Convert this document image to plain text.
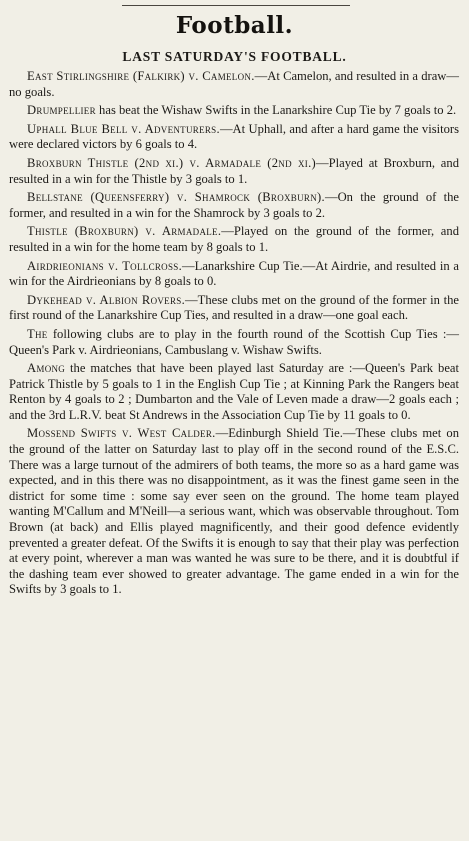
Football.
LAST SATURDAY'S FOOTBALL.

East Stirlingshire (Falkirk) v. Camelon.—At Camelon, and resulted in a draw—no goals.

Drumpellier has beat the Wishaw Swifts in the Lanarkshire Cup Tie by 7 goals to 2.

Uphall Blue Bell v. Adventurers.—At Uphall, and after a hard game the visitors were declared victors by 6 goals to 4.

Broxburn Thistle (2nd xi.) v. Armadale (2nd xi.)—Played at Broxburn, and resulted in a win for the Thistle by 3 goals to 1.

Bellstane (Queensferry) v. Shamrock (Broxburn).—On the ground of the former, and resulted in a win for the Shamrock by 3 goals to 2.

Thistle (Broxburn) v. Armadale.—Played on the ground of the former, and resulted in a win for the home team by 8 goals to 1.

Airdrieonians v. Tollcross.—Lanarkshire Cup Tie.—At Airdrie, and resulted in a win for the Airdrieonians by 8 goals to 0.

Dykehead v. Albion Rovers.—These clubs met on the ground of the former in the first round of the Lanarkshire Cup Ties, and resulted in a draw—one goal each.

The following clubs are to play in the fourth round of the Scottish Cup Ties :—Queen's Park v. Airdrieonians, Cambuslang v. Wishaw Swifts.

Among the matches that have been played last Saturday are :—Queen's Park beat Patrick Thistle by 5 goals to 1 in the English Cup Tie ; at Kinning Park the Rangers beat Renton by 4 goals to 2 ; Dumbarton and the Vale of Leven made a draw—2 goals each ; and the 3rd L.R.V. beat St Andrews in the Association Cup Tie by 11 goals to 0.

Mossend Swifts v. West Calder.—Edinburgh Shield Tie.—These clubs met on the ground of the latter on Saturday last to play off in the second round of the E.S.C. There was a large turnout of the admirers of both teams, the more so as a hard game was expected, and in this there was no disappointment, as it was the finest game seen in the district for some time : some say ever seen on the ground. The home team played wanting M'Callum and M'Neill—a serious want, which was observable throughout. Tom Brown (at back) and Ellis played magnificently, and their good defence evidently prevented a greater defeat. Of the Swifts it is enough to say that their play was perfection at every point, wherever a man was wanted he was sure to be there, and it is doubtful if the dashing team ever showed to greater advantage. The game ended in a win for the Swifts by 3 goals to 1.
